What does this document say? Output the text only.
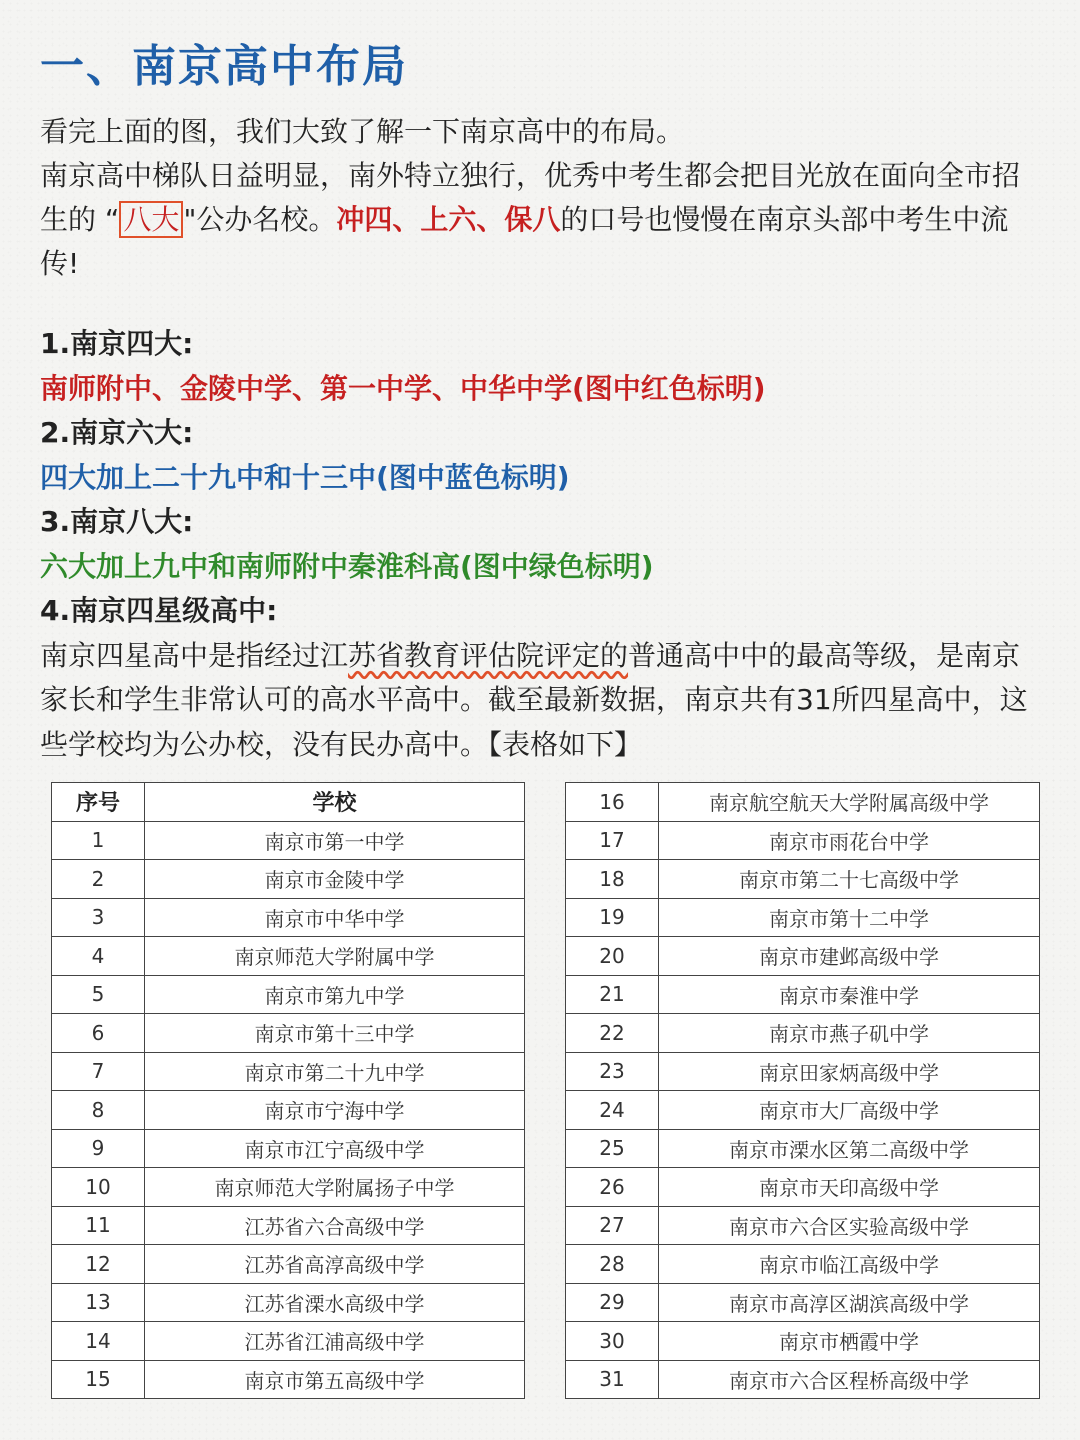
一、南京高中布局

看完上面的图，我们大致了解一下南京高中的布局。

南京高中梯队日益明显，南外特立独行，优秀中考生都会把目光放在面向全市招生的 “ 八大 "公办名校。冲四、上六、保八的口号也慢慢在南京头部中考生中流传!

1.南京四大:

南师附中、金陵中学、第一中学、中华中学(图中红色标明)

2.南京六大:

四大加上二十九中和十三中(图中蓝色标明)

3.南京八大:

六大加上九中和南师附中秦淮科高(图中绿色标明)

4.南京四星级高中:

南京四星高中是指经过江苏省教育评估院评定的普通高中中的最高等级，是南京家长和学生非常认可的高水平高中。截至最新数据，南京共有31所四星高中，这些学校均为公办校，没有民办高中。【表格如下】

序号	学校
1	南京市第一中学
2	南京市金陵中学
3	南京市中华中学
4	南京师范大学附属中学
5	南京市第九中学
6	南京市第十三中学
7	南京市第二十九中学
8	南京市宁海中学
9	南京市江宁高级中学
10	南京师范大学附属扬子中学
11	江苏省六合高级中学
12	江苏省高淳高级中学
13	江苏省溧水高级中学
14	江苏省江浦高级中学
15	南京市第五高级中学
16	南京航空航天大学附属高级中学
17	南京市雨花台中学
18	南京市第二十七高级中学
19	南京市第十二中学
20	南京市建邺高级中学
21	南京市秦淮中学
22	南京市燕子矶中学
23	南京田家炳高级中学
24	南京市大厂高级中学
25	南京市溧水区第二高级中学
26	南京市天印高级中学
27	南京市六合区实验高级中学
28	南京市临江高级中学
29	南京市高淳区湖滨高级中学
30	南京市栖霞中学
31	南京市六合区程桥高级中学
